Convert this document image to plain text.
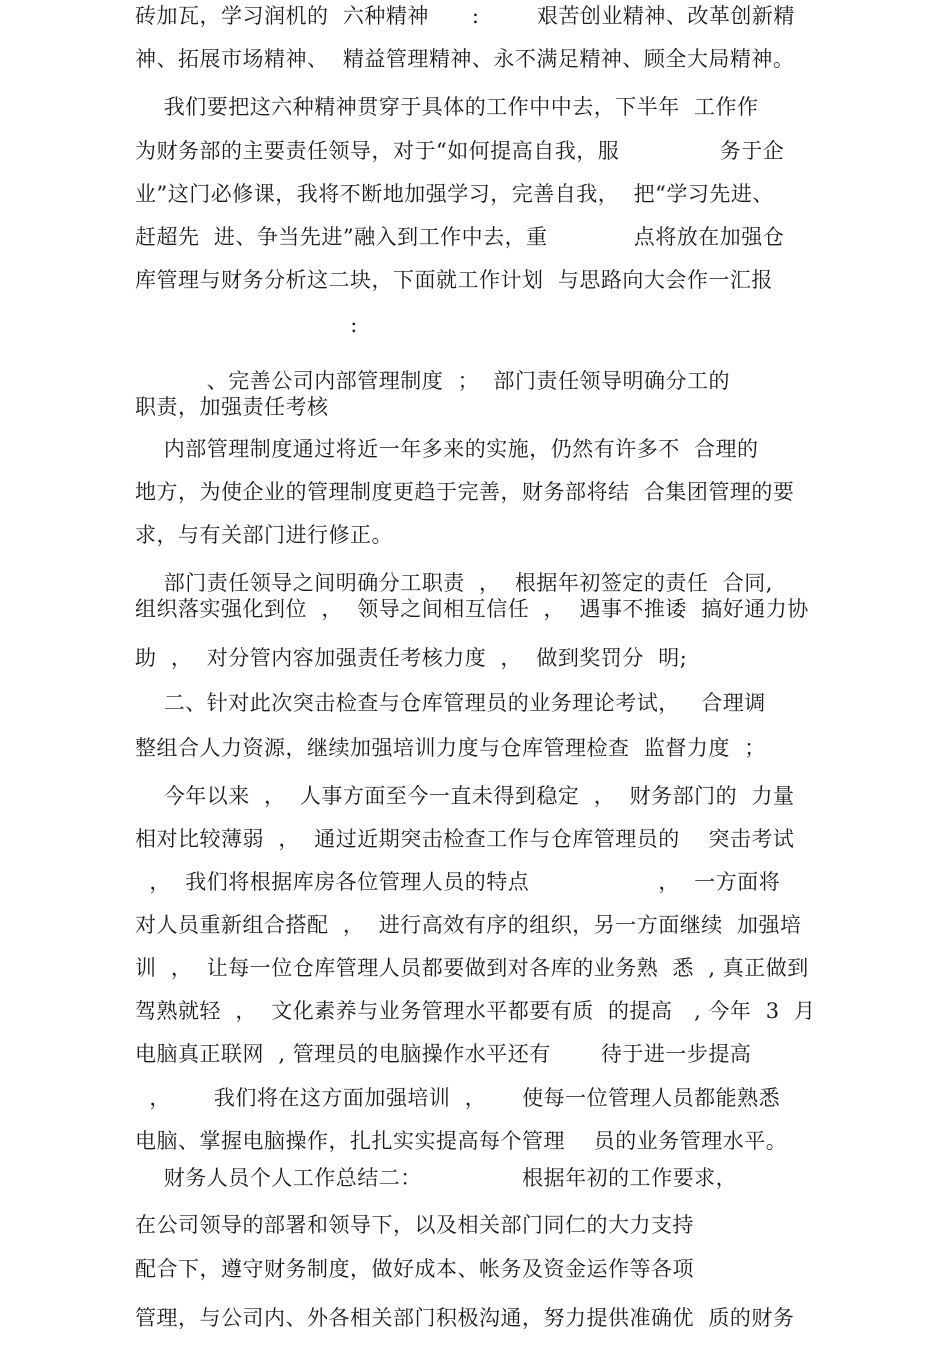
砖加瓦，学习润机的  六种精神      :        艰苦创业精神、改革创新精
神、拓展市场精神、  精益管理精神、永不满足精神、顾全大局精神。
我们要把这六种精神贯穿于具体的工作中中去，下半年  工作作
为财务部的主要责任领导，对于“如何提高自我，服              务于企
业”这门必修课，我将不断地加强学习，完善自我，  把“学习先进、
赶超先  进、争当先进”融入到工作中去，重            点将放在加强仓
库管理与财务分析这二块，下面就工作计划  与思路向大会作一汇报
:
、完善公司内部管理制度  ；  部门责任领导明确分工的
职责，加强责任考核
内部管理制度通过将近一年多来的实施，仍然有许多不  合理的
地方，为使企业的管理制度更趋于完善，财务部将结  合集团管理的要
求，与有关部门进行修正。
部门责任领导之间明确分工职责  ，  根据年初签定的责任  合同,
组织落实强化到位  ，  领导之间相互信任  ，  遇事不推诿  搞好通力协
助  ，  对分管内容加强责任考核力度  ，  做到奖罚分  明;
二、针对此次突击检查与仓库管理员的业务理论考试，   合理调
整组合人力资源，继续加强培训力度与仓库管理检查  监督力度  ；
今年以来  ，  人事方面至今一直未得到稳定  ，  财务部门的  力量
相对比较薄弱  ，  通过近期突击检查工作与仓库管理员的    突击考试
，  我们将根据库房各位管理人员的特点                  ，  一方面将
对人员重新组合搭配  ，  进行高效有序的组织，另一方面继续  加强培
训  ，  让每一位仓库管理人员都要做到对各库的业务熟  悉  , 真正做到
驾熟就轻  ，  文化素养与业务管理水平都要有质  的提高   , 今年  3  月
电脑真正联网  , 管理员的电脑操作水平还有       待于进一步提高
，      我们将在这方面加强培训  ，     使每一位管理人员都能熟悉
电脑、掌握电脑操作，扎扎实实提高每个管理    员的业务管理水平。
财务人员个人工作总结二：              根据年初的工作要求，
在公司领导的部署和领导下，以及相关部门同仁的大力支持
配合下，遵守财务制度，做好成本、帐务及资金运作等各项
管理，与公司内、外各相关部门积极沟通，努力提供准确优  质的财务
